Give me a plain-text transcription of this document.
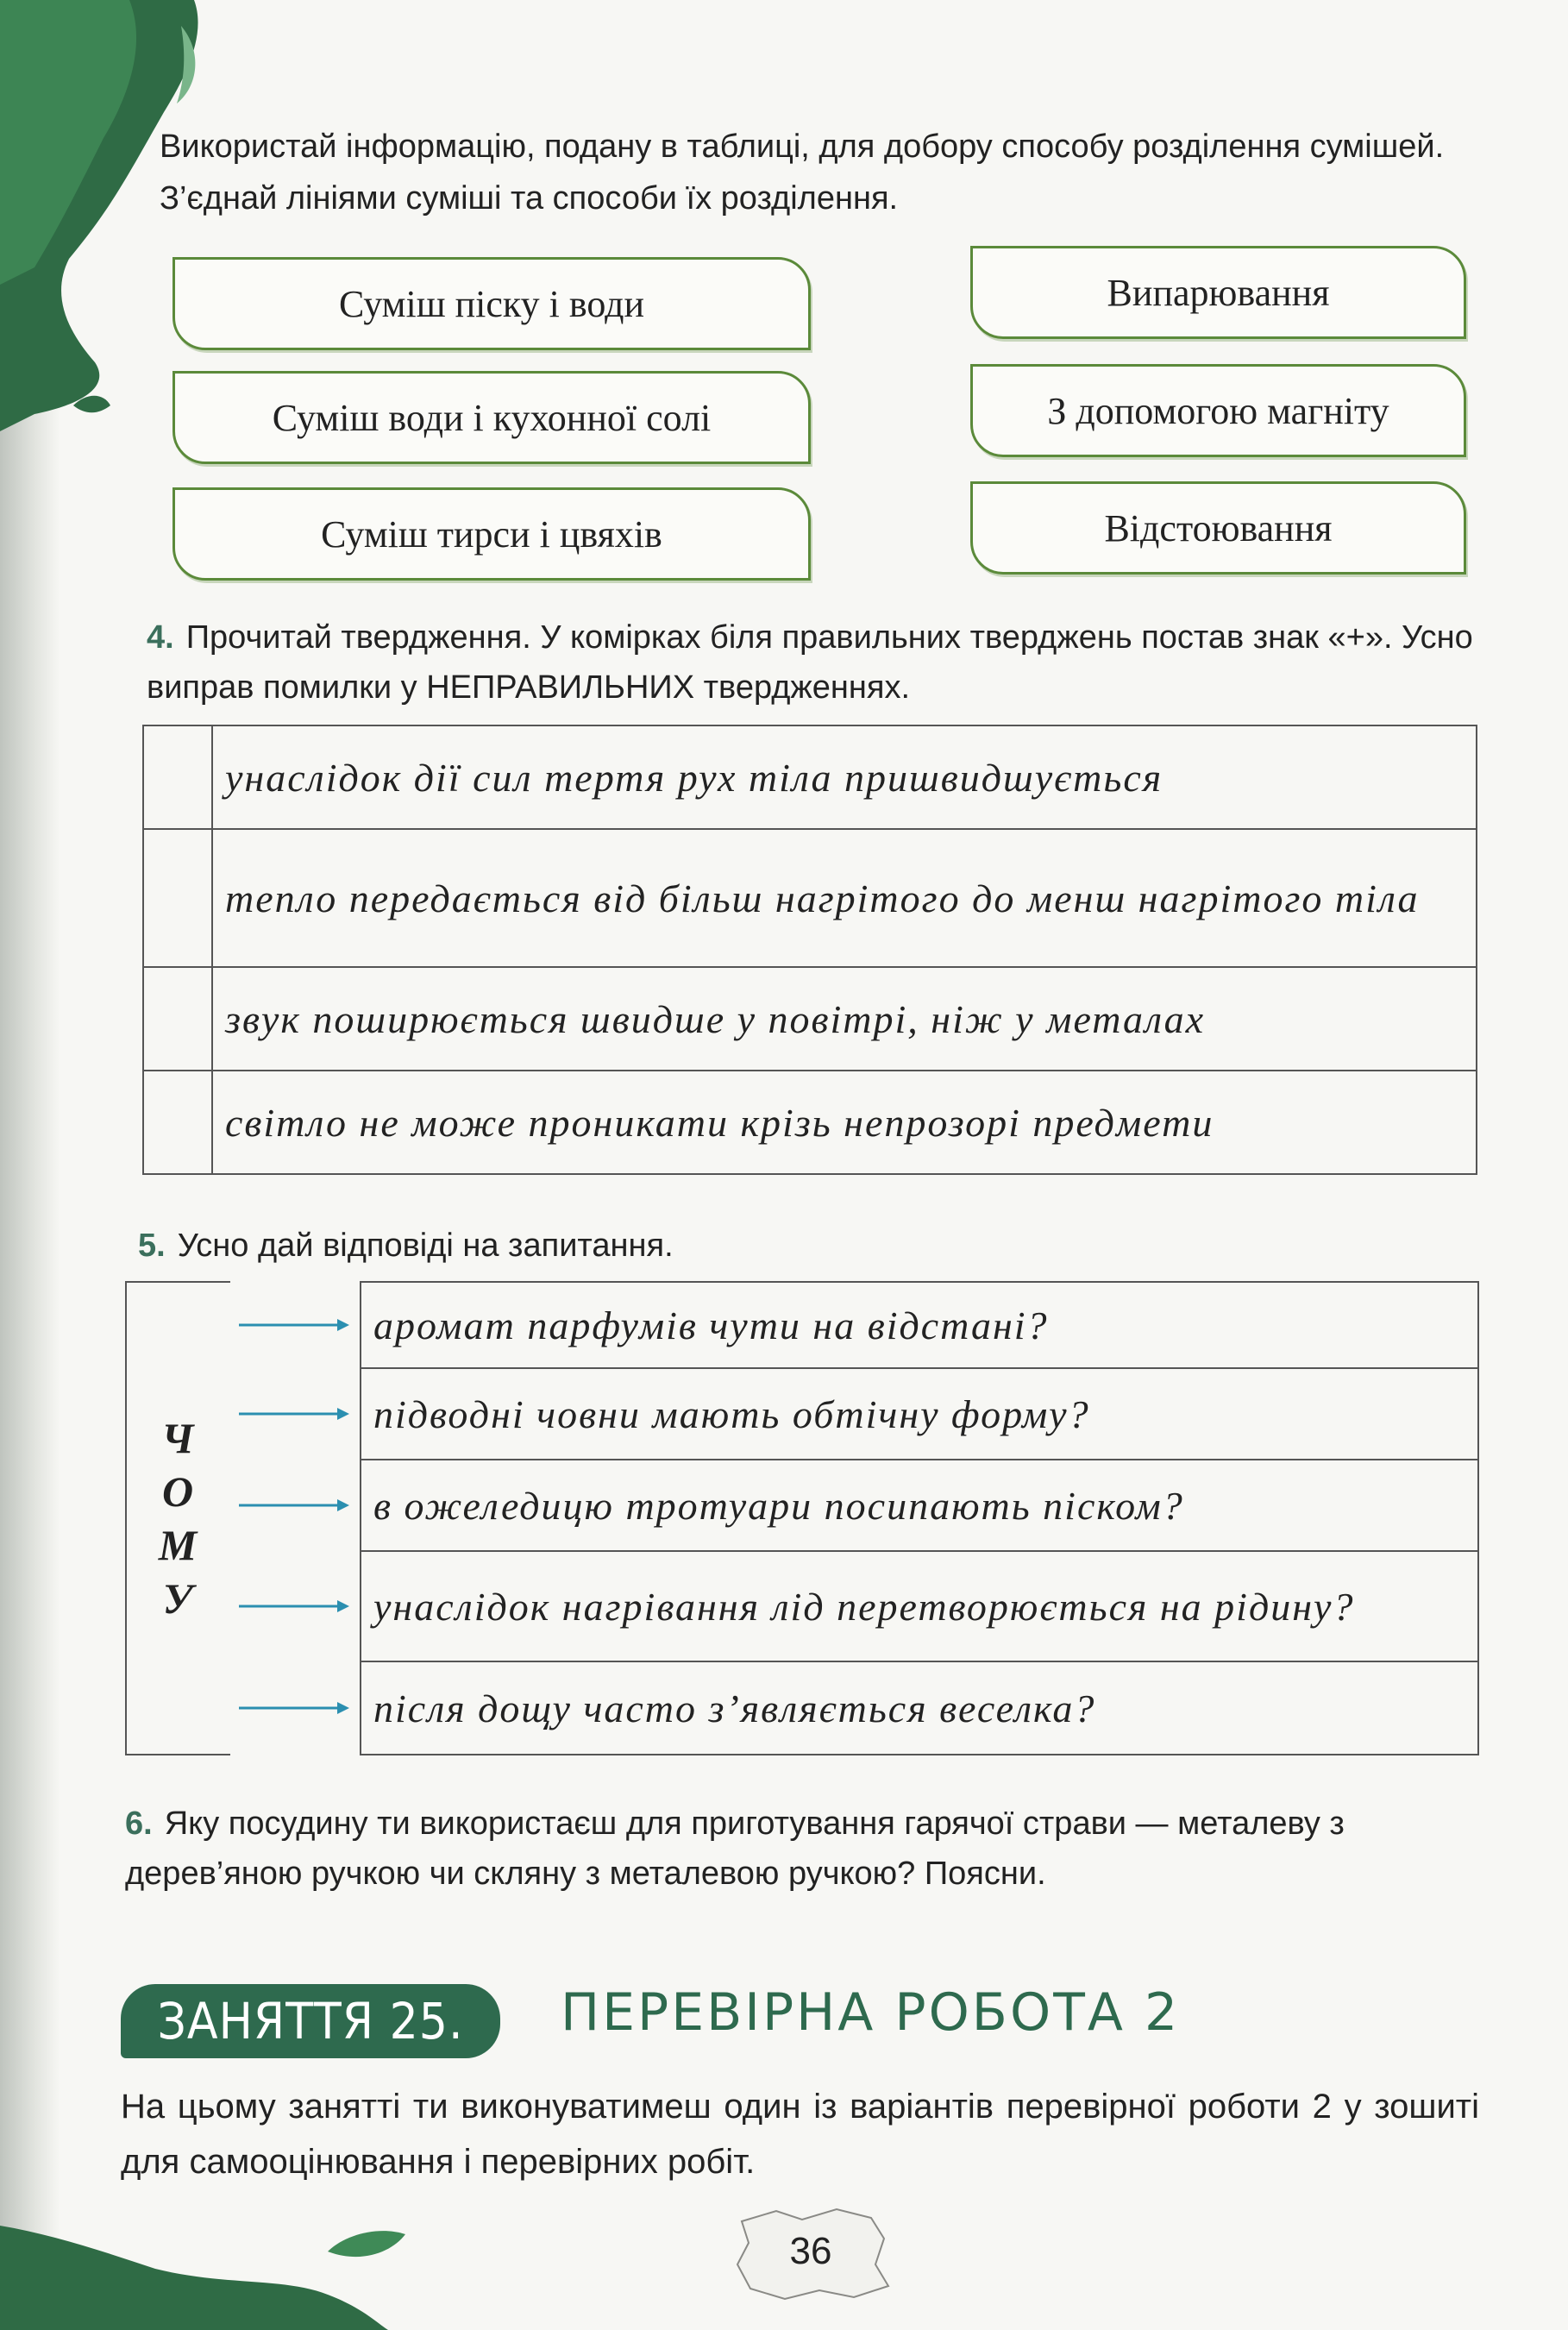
Використай інформацію, подану в таблиці, для добору способу розділення сумішей. З’єднай лініями суміші та способи їх розділення.
Суміш піску і води
Суміш води і кухонної солі
Суміш тирси і цвяхів
Випарювання
З допомогою магніту
Відстоювання
4. Прочитай твердження. У комірках біля правильних тверджень постав знак «+». Усно виправ помилки у НЕПРАВИЛЬНИХ твердженнях.
	унаслідок дії сил тертя рух тіла пришвидшується
	тепло передається від більш нагрітого до менш нагрітого тіла
	звук поширюється швидше у повітрі, ніж у металах
	світло не може проникати крізь непрозорі предмети
5. Усно дай відповіді на запитання.
Ч
О
М
У		аромат парфумів чути на відстані?

	підводні човни мають обтічну форму?

	в ожеледицю тротуари посипають піском?

	унаслідок нагрівання лід перетворюється на рідину?

	після дощу часто з’являється веселка?
6. Яку посудину ти використаєш для приготування гарячої страви — металеву з дерев’яною ручкою чи скляну з металевою ручкою? Поясни.
ЗАНЯТТЯ 25.	ПЕРЕВІРНА РОБОТА 2
На цьому занятті ти виконуватимеш один із варіантів перевірної роботи 2 у зошиті для самооцінювання і перевірних робіт.
36
